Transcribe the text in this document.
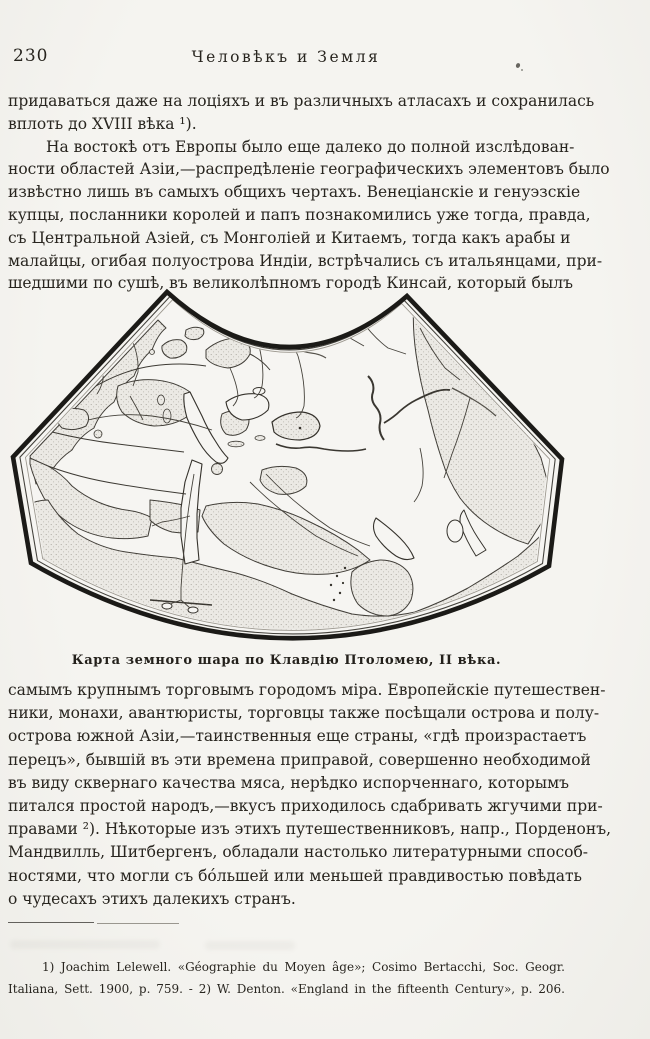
230	Человѣкъ и Земля
придаваться даже на лоціяхъ и въ различныхъ атласахъ и сохранилась
вплоть до XVIII вѣка ¹).
На востокѣ отъ Европы было еще далеко до полной изслѣдован-
ности областей Азіи,—распредѣленіе географическихъ элементовъ было
извѣстно лишь въ самыхъ общихъ чертахъ. Венеціанскіе и генуэзскіе
купцы, посланники королей и папъ познакомились уже тогда, правда,
съ Центральной Азіей, съ Монголіей и Китаемъ, тогда какъ арабы и
малайцы, огибая полуострова Индіи, встрѣчались съ итальянцами, при-
шедшими по сушѣ, въ великолѣпномъ городѣ Кинсай, который былъ
Карта земного шара по Клавдію Птоломею, II вѣка.
самымъ крупнымъ торговымъ городомъ міра. Европейскіе путешествен-
ники, монахи, авантюристы, торговцы также посѣщали острова и полу-
острова южной Азіи,—таинственныя еще страны, «гдѣ произрастаетъ
перецъ», бывшій въ эти времена приправой, совершенно необходимой
въ виду сквернаго качества мяса, нерѣдко испорченнаго, которымъ
питался простой народъ,—вкусъ приходилось сдабривать жгучими при-
правами ²). Нѣкоторые изъ этихъ путешественниковъ, напр., Порденонъ,
Мандвилль, Шитбергенъ, обладали настолько литературными способ-
ностями, что могли съ бо́льшей или меньшей правдивостью повѣдать
о чудесахъ этихъ далекихъ странъ.
1) Joachim Lelewell. «Géographie du Moyen âge»; Cosimo Bertacchi, Soc. Geogr.
Italiana, Sett. 1900, p. 759. - 2) W. Denton. «England in the fifteenth Century», p. 206.
